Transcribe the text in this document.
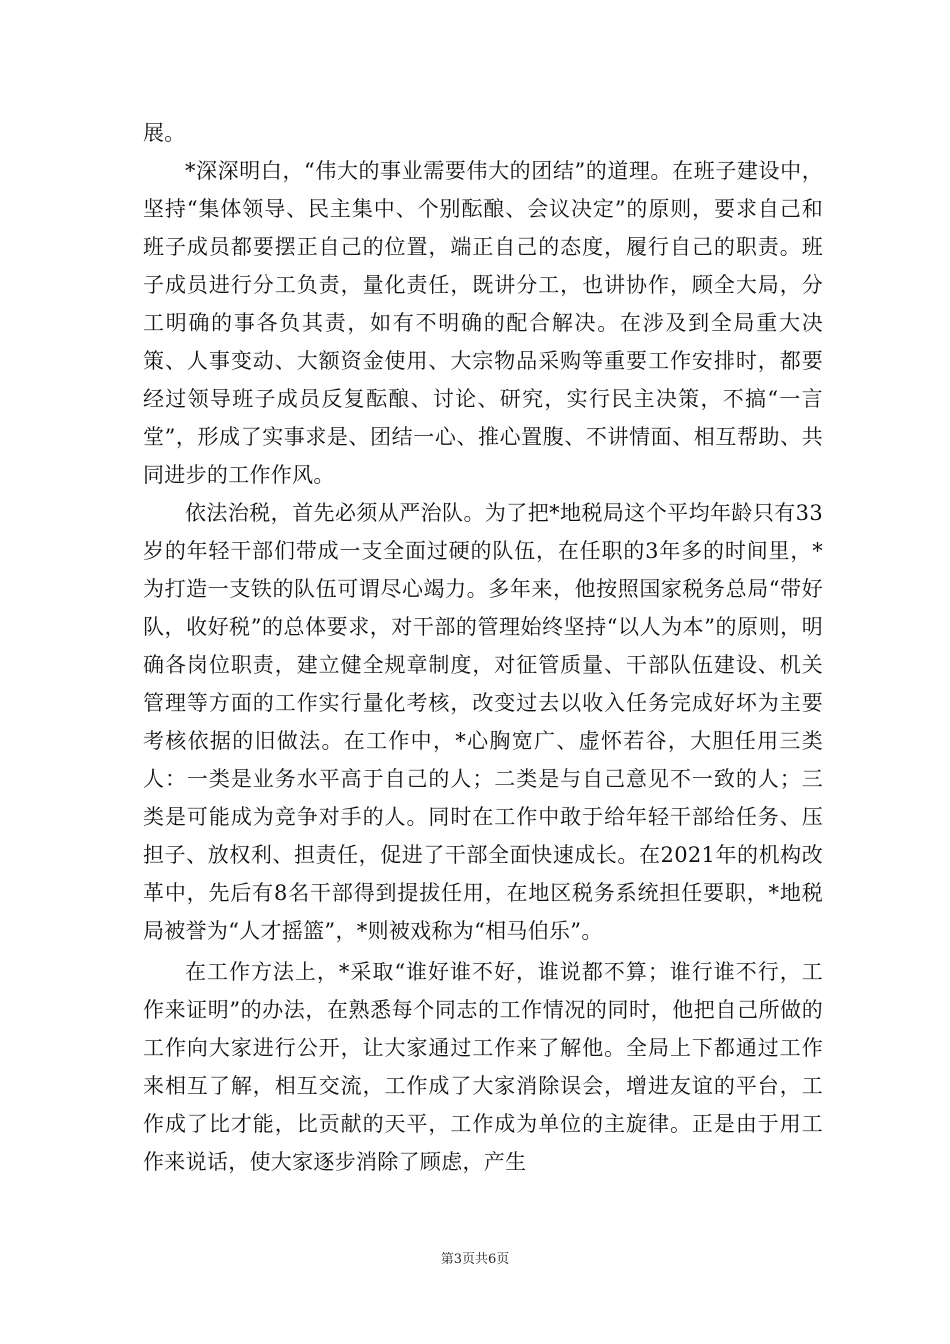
展。

*深深明白，“伟大的事业需要伟大的团结”的道理。在班子建设中，坚持“集体领导、民主集中、个别酝酿、会议决定”的原则，要求自己和班子成员都要摆正自己的位置，端正自己的态度，履行自己的职责。班子成员进行分工负责，量化责任，既讲分工，也讲协作，顾全大局，分工明确的事各负其责，如有不明确的配合解决。在涉及到全局重大决策、人事变动、大额资金使用、大宗物品采购等重要工作安排时，都要经过领导班子成员反复酝酿、讨论、研究，实行民主决策，不搞“一言堂”，形成了实事求是、团结一心、推心置腹、不讲情面、相互帮助、共同进步的工作作风。

依法治税，首先必须从严治队。为了把*地税局这个平均年龄只有33岁的年轻干部们带成一支全面过硬的队伍，在任职的3年多的时间里，*为打造一支铁的队伍可谓尽心竭力。多年来，他按照国家税务总局“带好队，收好税”的总体要求，对干部的管理始终坚持“以人为本”的原则，明确各岗位职责，建立健全规章制度，对征管质量、干部队伍建设、机关管理等方面的工作实行量化考核，改变过去以收入任务完成好坏为主要考核依据的旧做法。在工作中，*心胸宽广、虚怀若谷，大胆任用三类人：一类是业务水平高于自己的人；二类是与自己意见不一致的人；三类是可能成为竞争对手的人。同时在工作中敢于给年轻干部给任务、压担子、放权利、担责任，促进了干部全面快速成长。在2021年的机构改革中，先后有8名干部得到提拔任用，在地区税务系统担任要职，*地税局被誉为“人才摇篮”，*则被戏称为“相马伯乐”。

在工作方法上，*采取“谁好谁不好，谁说都不算；谁行谁不行，工作来证明”的办法，在熟悉每个同志的工作情况的同时，他把自己所做的工作向大家进行公开，让大家通过工作来了解他。全局上下都通过工作来相互了解，相互交流，工作成了大家消除误会，增进友谊的平台，工作成了比才能，比贡献的天平，工作成为单位的主旋律。正是由于用工作来说话，使大家逐步消除了顾虑，产生

第3页共6页
